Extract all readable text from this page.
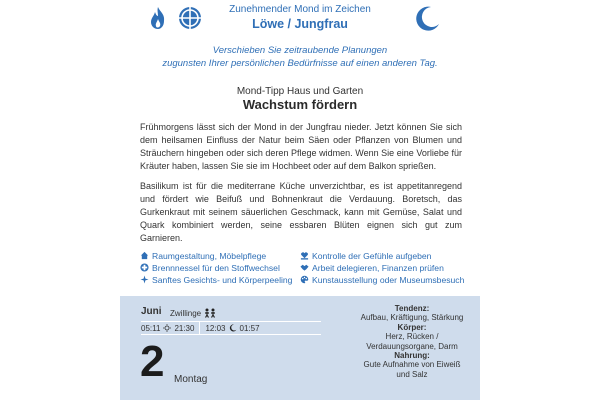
Zunehmender Mond im Zeichen
Löwe / Jungfrau
Verschieben Sie zeitraubende Planungen
zugunsten Ihrer persönlichen Bedürfnisse auf einen anderen Tag.
Mond-Tipp Haus und Garten
Wachstum fördern

Frühmorgens lässt sich der Mond in der Jungfrau nieder. Jetzt können Sie sich dem heilsamen Einfluss der Natur beim Säen oder Pflanzen von Blumen und Sträuchern hingeben oder sich deren Pflege widmen. Wenn Sie eine Vorliebe für Kräuter haben, lassen Sie sie im Hochbeet oder auf dem Balkon sprießen.

Basilikum ist für die mediterrane Küche unverzichtbar, es ist appetitanregend und fördert wie Beifuß und Bohnenkraut die Verdauung. Boretsch, das Gurkenkraut mit seinem säuerlichen Geschmack, kann mit Gemüse, Salat und Quark kombiniert werden, seine essbaren Blüten eignen sich gut zum Garnieren.

Raumgestaltung, Möbelpflege	Kontrolle der Gefühle aufgeben
Brennnessel für den Stoffwechsel	Arbeit delegieren, Finanzen prüfen
Sanftes Gesichts- und Körperpeeling Kunstausstellung oder Museumsbesuch
Juni Zwillinge
05:11 21:30 12:03 01:57
2 Montag
Tendenz:
Aufbau, Kräftigung, Stärkung
Körper:
Herz, Rücken /
Verdauungsorgane, Darm
Nahrung:
Gute Aufnahme von Eiweiß
und Salz
